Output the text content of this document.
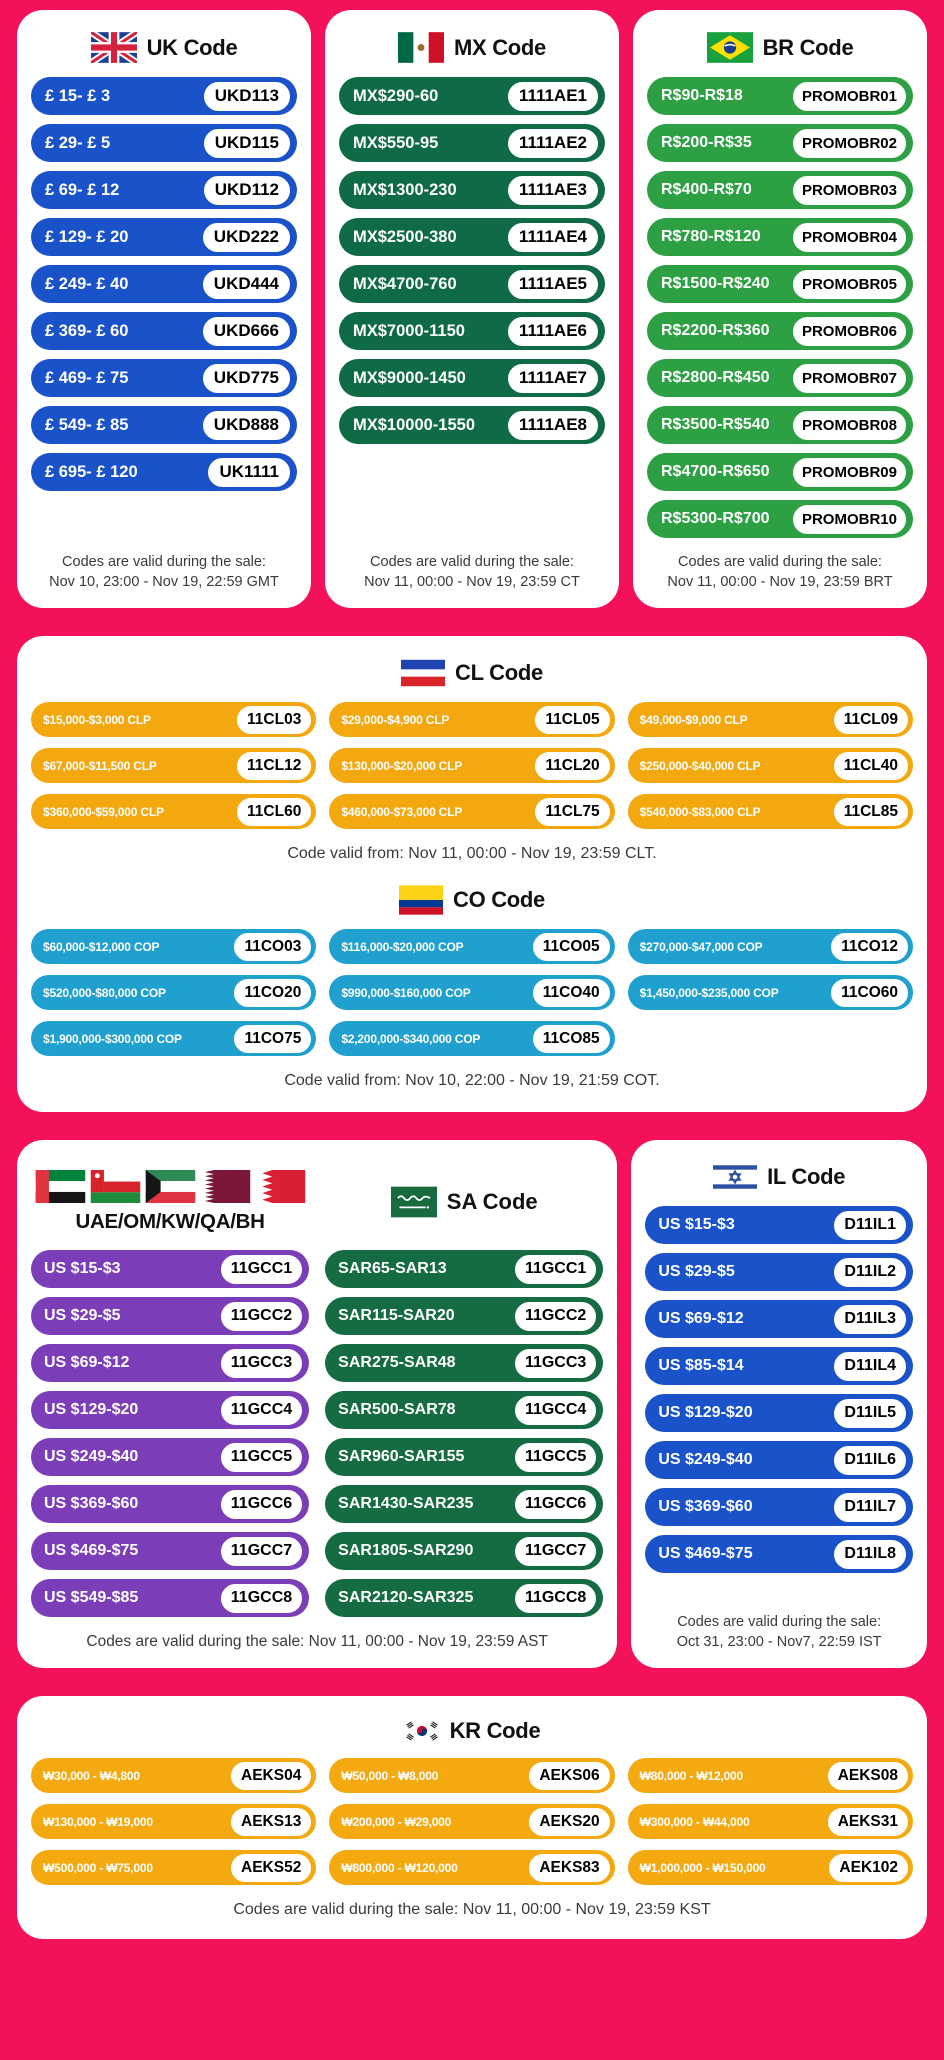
UK Code
£ 15- £ 3	UKD113
£ 29- £ 5	UKD115
£ 69- £ 12	UKD112
£ 129- £ 20	UKD222
£ 249- £ 40	UKD444
£ 369- £ 60	UKD666
£ 469- £ 75	UKD775
£ 549- £ 85	UKD888
£ 695- £ 120	UK1111
Codes are valid during the sale:
Nov 10, 23:00 - Nov 19, 22:59 GMT
MX Code
MX$290-60	1111AE1
MX$550-95	1111AE2
MX$1300-230	1111AE3
MX$2500-380	1111AE4
MX$4700-760	1111AE5
MX$7000-1150	1111AE6
MX$9000-1450	1111AE7
MX$10000-1550	1111AE8
Codes are valid during the sale:
Nov 11, 00:00 - Nov 19, 23:59 CT
BR Code
R$90-R$18	PROMOBR01
R$200-R$35	PROMOBR02
R$400-R$70	PROMOBR03
R$780-R$120	PROMOBR04
R$1500-R$240	PROMOBR05
R$2200-R$360	PROMOBR06
R$2800-R$450	PROMOBR07
R$3500-R$540	PROMOBR08
R$4700-R$650	PROMOBR09
R$5300-R$700	PROMOBR10
Codes are valid during the sale:
Nov 11, 00:00 - Nov 19, 23:59 BRT
CL Code
$15,000-$3,000 CLP	11CL03	$29,000-$4,900 CLP	11CL05	$49,000-$9,000 CLP	11CL09
$67,000-$11,500 CLP	11CL12	$130,000-$20,000 CLP	11CL20	$250,000-$40,000 CLP	11CL40
$360,000-$59,000 CLP	11CL60	$460,000-$73,000 CLP	11CL75	$540,000-$83,000 CLP	11CL85
Code valid from: Nov 11, 00:00 - Nov 19, 23:59 CLT.
CO Code
$60,000-$12,000 COP	11CO03	$116,000-$20,000 COP	11CO05	$270,000-$47,000 COP	11CO12
$520,000-$80,000 COP	11CO20	$990,000-$160,000 COP	11CO40	$1,450,000-$235,000 COP	11CO60
$1,900,000-$300,000 COP	11CO75	$2,200,000-$340,000 COP	11CO85
Code valid from: Nov 10, 22:00 - Nov 19, 21:59 COT.
UAE/OM/KW/QA/BH
US $15-$3	11GCC1
US $29-$5	11GCC2
US $69-$12	11GCC3
US $129-$20	11GCC4
US $249-$40	11GCC5
US $369-$60	11GCC6
US $469-$75	11GCC7
US $549-$85	11GCC8
SA Code
SAR65-SAR13	11GCC1
SAR115-SAR20	11GCC2
SAR275-SAR48	11GCC3
SAR500-SAR78	11GCC4
SAR960-SAR155	11GCC5
SAR1430-SAR235	11GCC6
SAR1805-SAR290	11GCC7
SAR2120-SAR325	11GCC8
Codes are valid during the sale: Nov 11, 00:00 - Nov 19, 23:59 AST
IL Code
US $15-$3	D11IL1
US $29-$5	D11IL2
US $69-$12	D11IL3
US $85-$14	D11IL4
US $129-$20	D11IL5
US $249-$40	D11IL6
US $369-$60	D11IL7
US $469-$75	D11IL8
Codes are valid during the sale:
Oct 31, 23:00 - Nov7, 22:59 IST
KR Code
₩30,000 - ₩4,800	AEKS04	₩50,000 - ₩8,000	AEKS06	₩80,000 - ₩12,000	AEKS08
₩130,000 - ₩19,000	AEKS13	₩200,000 - ₩29,000	AEKS20	₩300,000 - ₩44,000	AEKS31
₩500,000 - ₩75,000	AEKS52	₩800,000 - ₩120,000	AEKS83	₩1,000,000 - ₩150,000	AEK102
Codes are valid during the sale: Nov 11, 00:00 - Nov 19, 23:59 KST
